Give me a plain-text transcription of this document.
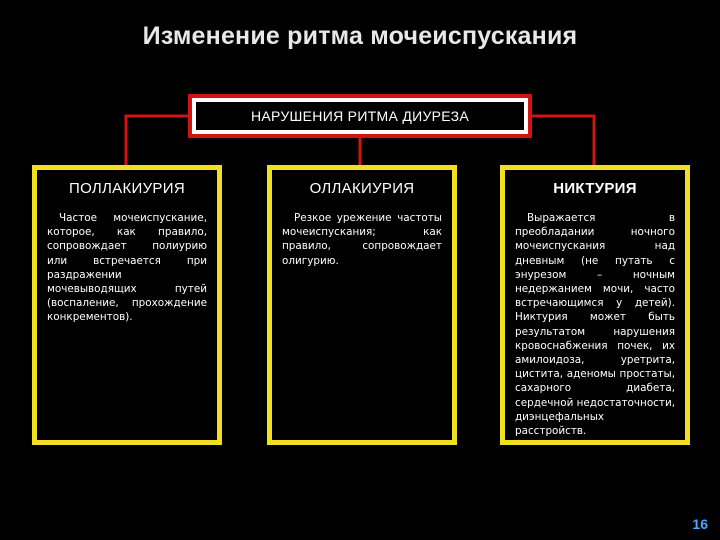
Изменение ритма мочеиспускания
НАРУШЕНИЯ РИТМА ДИУРЕЗА
ПОЛЛАКИУРИЯ
Частое мочеиспускание, которое, как правило, сопровождает полиурию или встречается при раздражении мочевыводящих путей (воспаление, прохождение конкрементов).
ОЛЛАКИУРИЯ
Резкое урежение частоты мочеиспускания; как правило, сопровождает олигурию.
НИКТУРИЯ
Выражается в преобладании ночного мочеиспускания над дневным (не путать с энурезом – ночным недержанием мочи, часто встречающимся у детей). Никтурия может быть результатом нарушения кровоснабжения почек, их амилоидоза, уретрита, цистита, аденомы простаты, сахарного диабета, сердечной недостаточности, диэнцефальных расстройств.
16
